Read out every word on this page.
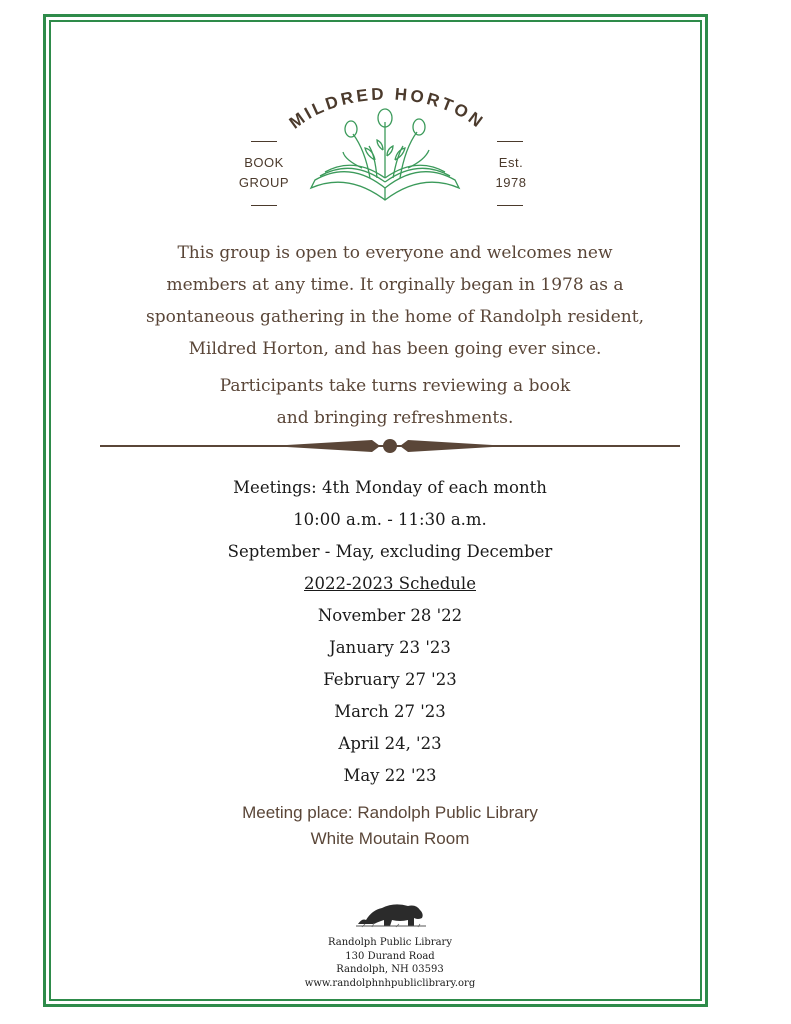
MILDRED HORTON
BOOK
GROUP
Est.
1978
This group is open to everyone and welcomes new
members at any time. It orginally began in 1978 as a
spontaneous gathering in the home of Randolph resident,
Mildred Horton, and has been going ever since.
Participants take turns reviewing a book
and bringing refreshments.
Meetings: 4th Monday of each month
10:00 a.m. - 11:30 a.m.
September - May, excluding December
2022-2023 Schedule
November 28 '22
January 23 '23
February 27 '23
March 27 '23
April 24, '23
May 22 '23
Meeting place: Randolph Public Library
White Moutain Room
Randolph Public Library
130 Durand Road
Randolph, NH 03593
www.randolphnhpubliclibrary.org
